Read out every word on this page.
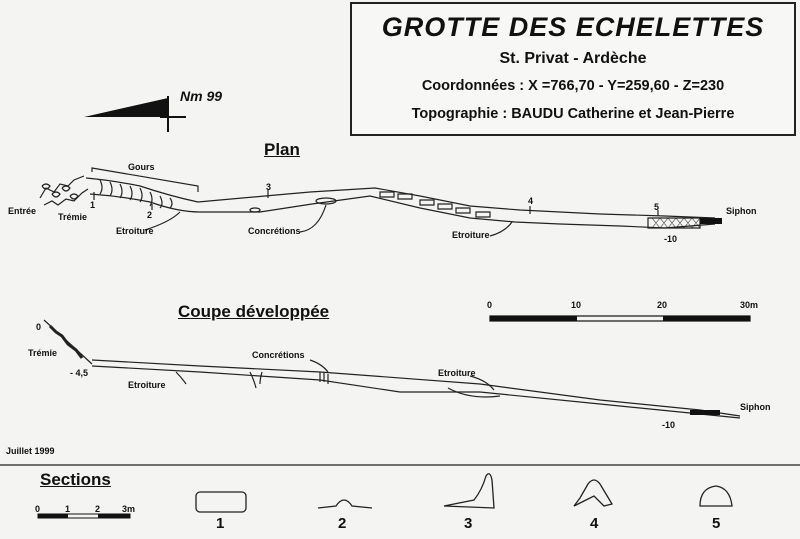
GROTTE DES ECHELETTES
St. Privat - Ardèche
Coordonnées : X =766,70 - Y=259,60 - Z=230
Topographie : BAUDU Catherine et Jean-Pierre
Nm 99
Plan
Gours
Entrée
Trémie
Etroiture	Concrétions	Etroiture
Siphon
-10
1
2
3
4
5
Coupe développée
0
Trémie
- 4,5
Etroiture
Concrétions
Etroiture
Siphon
-10
0	10	20	30m
Juillet 1999
Sections
0	1	2 3m
1	2	3	4	5
